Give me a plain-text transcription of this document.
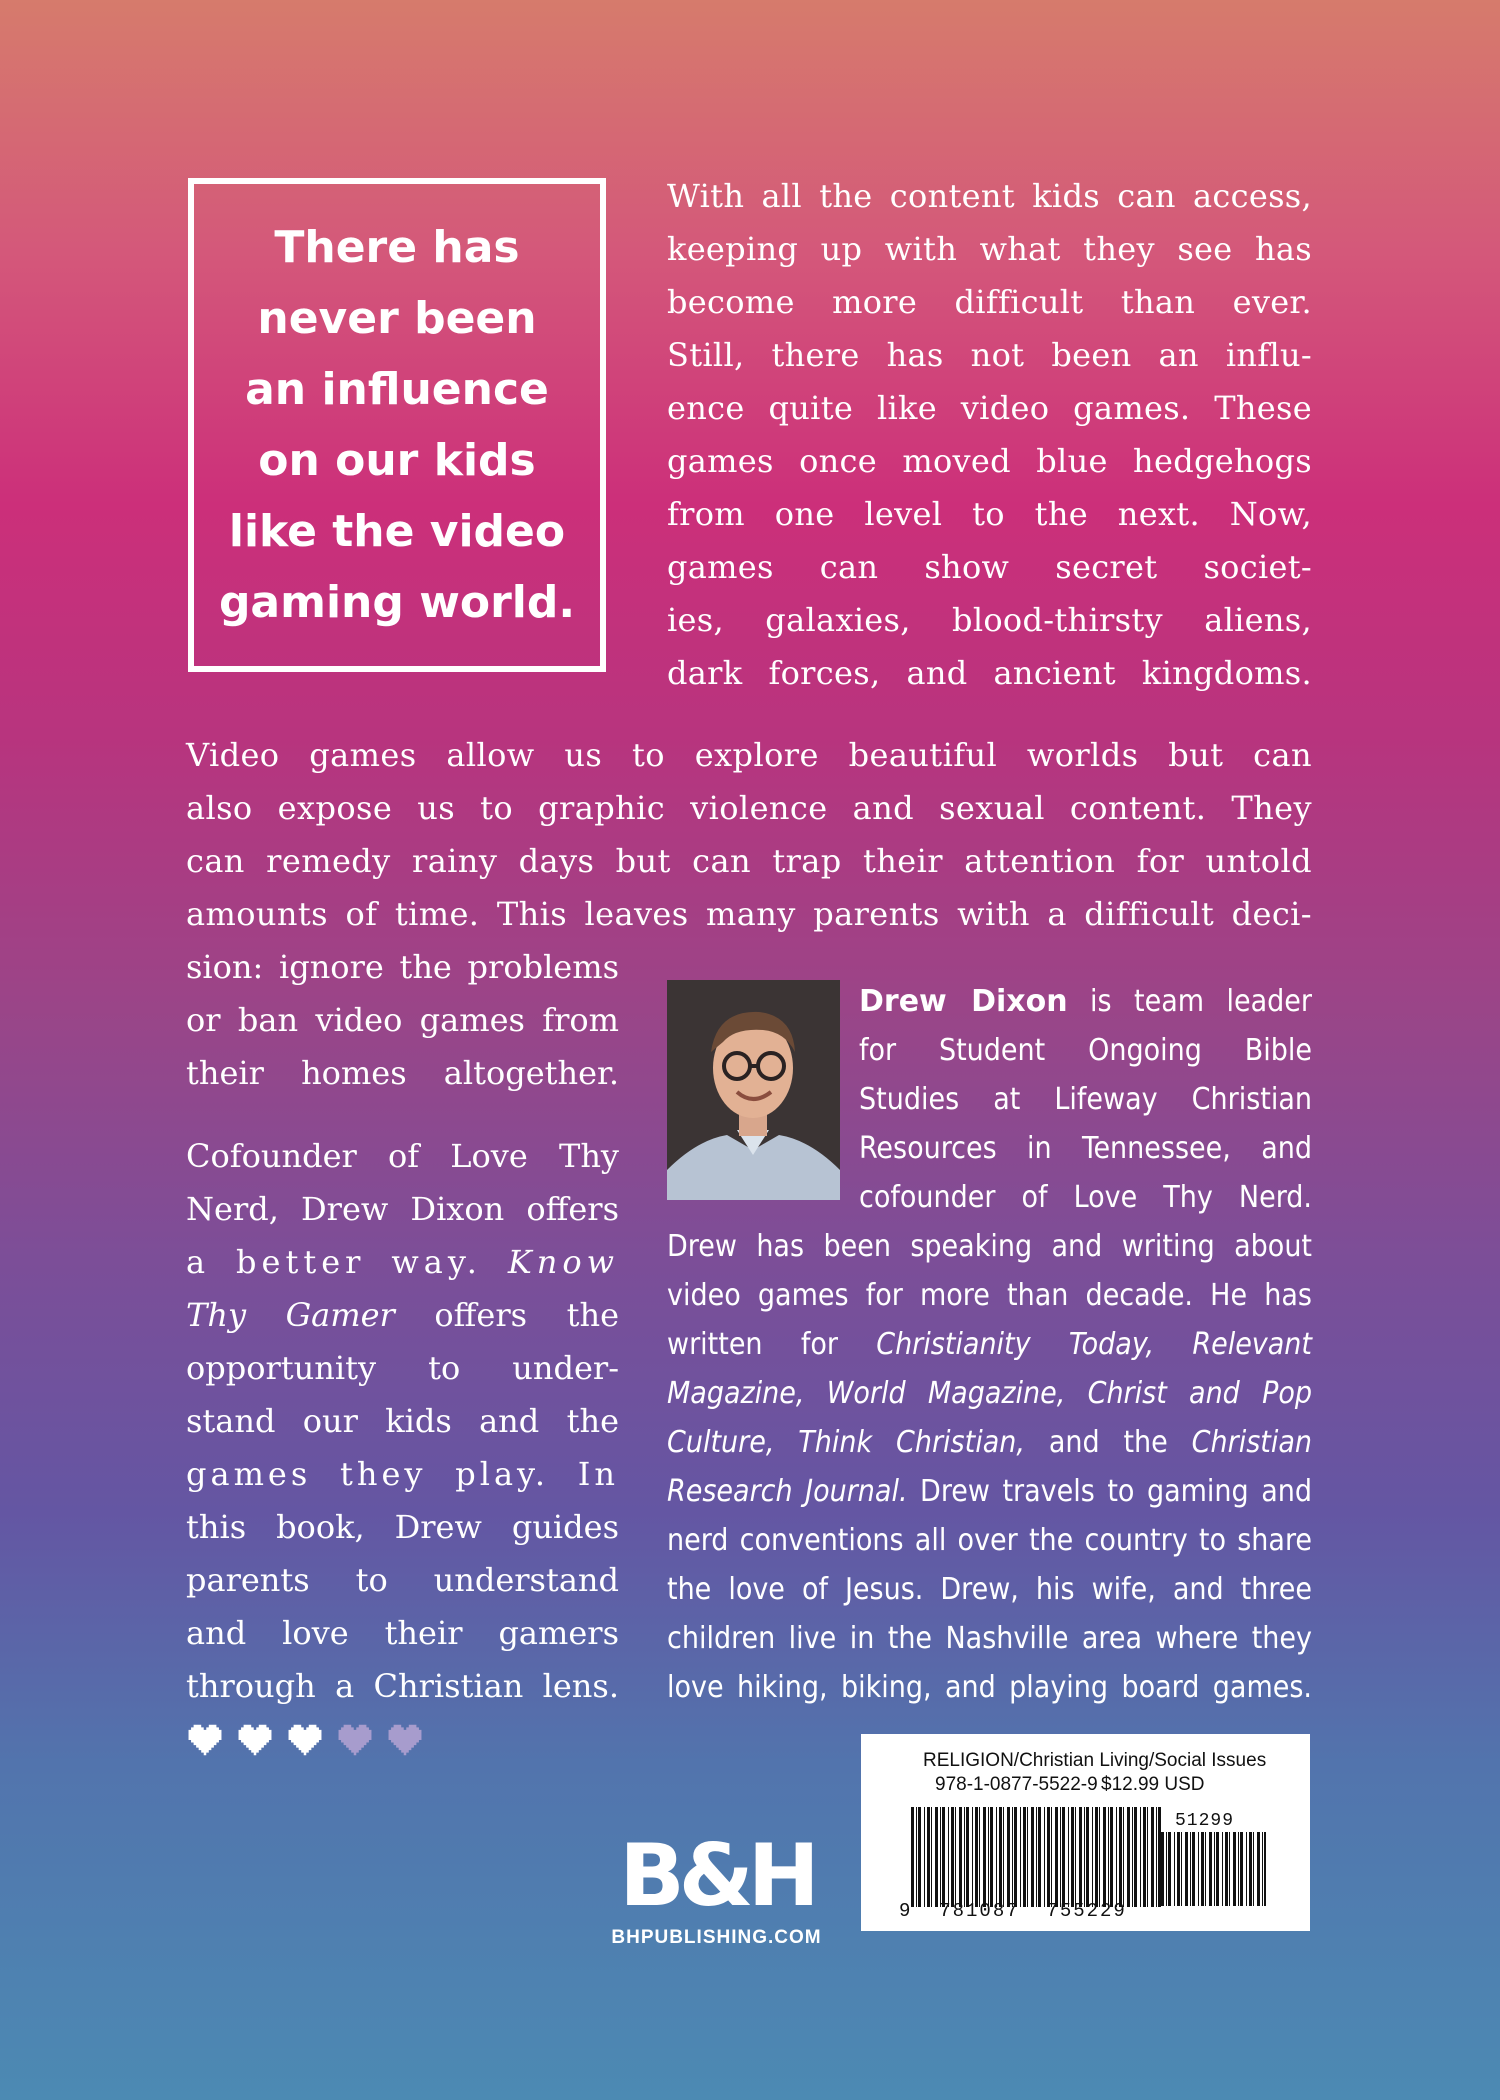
There has
never been
an influence
on our kids
like the video
gaming world.

With all the content kids can access,
keeping up with what they see has
become more difficult than ever.
Still, there has not been an influ-
ence quite like video games. These
games once moved blue hedgehogs
from one level to the next. Now,
games can show secret societ-
ies, galaxies, blood-thirsty aliens,
dark forces, and ancient kingdoms.
Video games allow us to explore beautiful worlds but can
also expose us to graphic violence and sexual content. They
can remedy rainy days but can trap their attention for untold
amounts of time. This leaves many parents with a difficult deci-
sion: ignore the problems
or ban video games from
their homes altogether.
Cofounder of Love Thy
Nerd, Drew Dixon offers
a better way. Know
Thy Gamer offers the
opportunity to under-
stand our kids and the
games they play. In
this book, Drew guides
parents to understand
and love their gamers
through a Christian lens.
Drew Dixon is team leader
for Student Ongoing Bible
Studies at Lifeway Christian
Resources in Tennessee, and
cofounder of Love Thy Nerd.
Drew has been speaking and writing about
video games for more than decade. He has
written for Christianity Today, Relevant
Magazine, World Magazine, Christ and Pop
Culture, Think Christian, and the Christian
Research Journal. Drew travels to gaming and
nerd conventions all over the country to share
the love of Jesus. Drew, his wife, and three
children live in the Nashville area where they
love hiking, biking, and playing board games.
B&H
BHPUBLISHING.COM
RELIGION/Christian Living/Social Issues
978-1-0877-5522-9 $12.99 USD
51299
9  781087  755229
